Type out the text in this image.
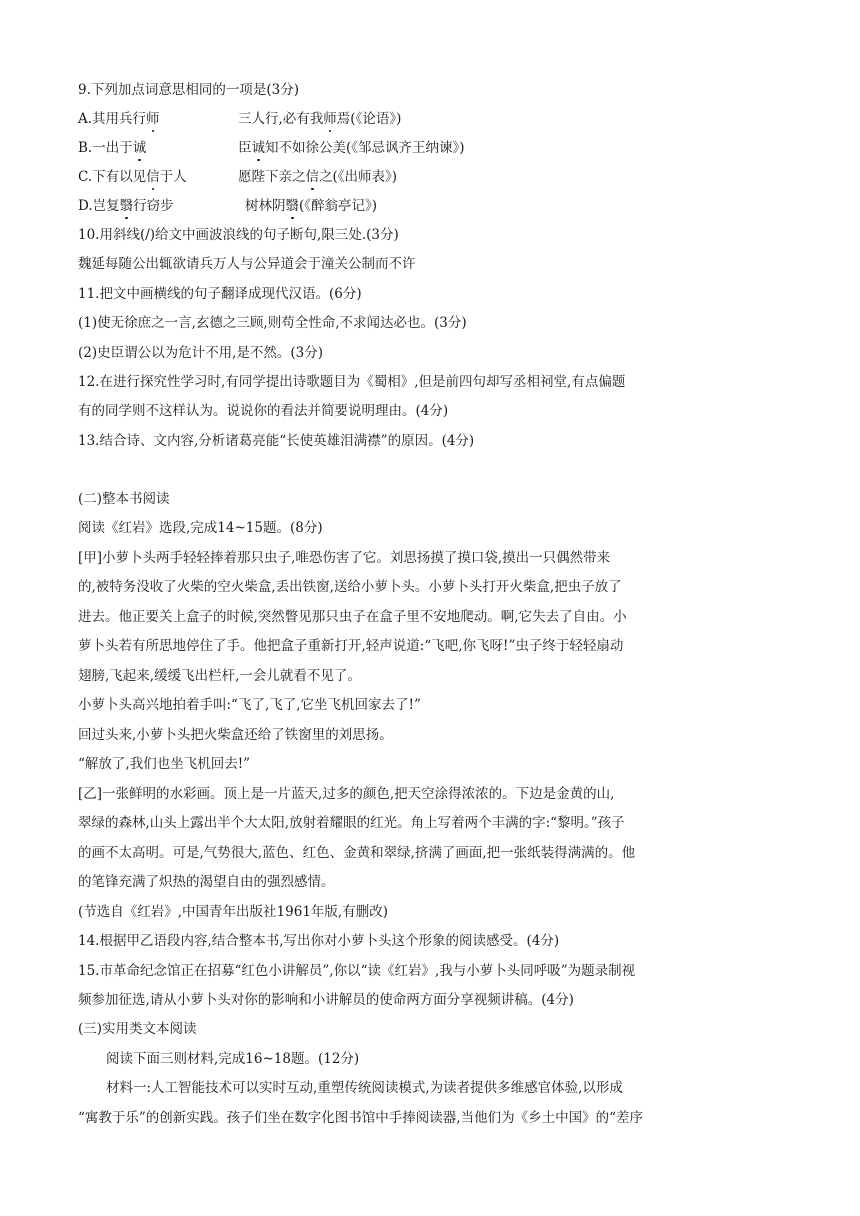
9.下列加点词意思相同的一项是(3分)
A.其用兵行师	三人行,必有我师焉(《论语》)
B.一出于诚	臣诚知不如徐公美(《邹忌讽齐王纳谏》)
C.下有以见信于人	愿陛下亲之信之(《出师表》)
D.岂复翳行窃步	树林阴翳(《醉翁亭记》)
10.用斜线(/)给文中画波浪线的句子断句,限三处.(3分)
魏延每随公出辄欲请兵万人与公异道会于潼关公制而不许
11.把文中画横线的句子翻译成现代汉语。(6分)
(1)使无徐庶之一言,玄德之三顾,则苟全性命,不求闻达必也。(3分)
(2)史臣谓公以为危计不用,是不然。(3分)
12.在进行探究性学习时,有同学提出诗歌题目为《蜀相》,但是前四句却写丞相祠堂,有点偏题
有的同学则不这样认为。说说你的看法并简要说明理由。(4分)
13.结合诗、文内容,分析诸葛亮能“长使英雄泪满襟”的原因。(4分)
(二)整本书阅读
阅读《红岩》选段,完成14~15题。(8分)
[甲]小萝卜头两手轻轻捧着那只虫子,唯恐伤害了它。刘思扬摸了摸口袋,摸出一只偶然带来
的,被特务没收了火柴的空火柴盒,丢出铁窗,送给小萝卜头。小萝卜头打开火柴盒,把虫子放了
进去。他正要关上盒子的时候,突然瞥见那只虫子在盒子里不安地爬动。啊,它失去了自由。小
萝卜头若有所思地停住了手。他把盒子重新打开,轻声说道:“飞吧,你飞呀!”虫子终于轻轻扇动
翅膀,飞起来,缓缓飞出栏杆,一会儿就看不见了。
小萝卜头高兴地拍着手叫:“飞了,飞了,它坐飞机回家去了!”
回过头来,小萝卜头把火柴盒还给了铁窗里的刘思扬。
“解放了,我们也坐飞机回去!”
[乙]一张鲜明的水彩画。顶上是一片蓝天,过多的颜色,把天空涂得浓浓的。下边是金黄的山,
翠绿的森林,山头上露出半个大太阳,放射着耀眼的红光。角上写着两个丰满的字:“黎明。”孩子
的画不太高明。可是,气势很大,蓝色、红色、金黄和翠绿,挤满了画面,把一张纸装得满满的。他
的笔锋充满了炽热的渴望自由的强烈感情。
(节选自《红岩》,中国青年出版社1961年版,有删改)
14.根据甲乙语段内容,结合整本书,写出你对小萝卜头这个形象的阅读感受。(4分)
15.市革命纪念馆正在招募“红色小讲解员”,你以“读《红岩》,我与小萝卜头同呼吸”为题录制视
频参加征选,请从小萝卜头对你的影响和小讲解员的使命两方面分享视频讲稿。(4分)
(三)实用类文本阅读
阅读下面三则材料,完成16~18题。(12分)
材料一:人工智能技术可以实时互动,重塑传统阅读模式,为读者提供多维感官体验,以形成
“寓教于乐”的创新实践。孩子们坐在数字化图书馆中手捧阅读器,当他们为《乡土中国》的“差序
